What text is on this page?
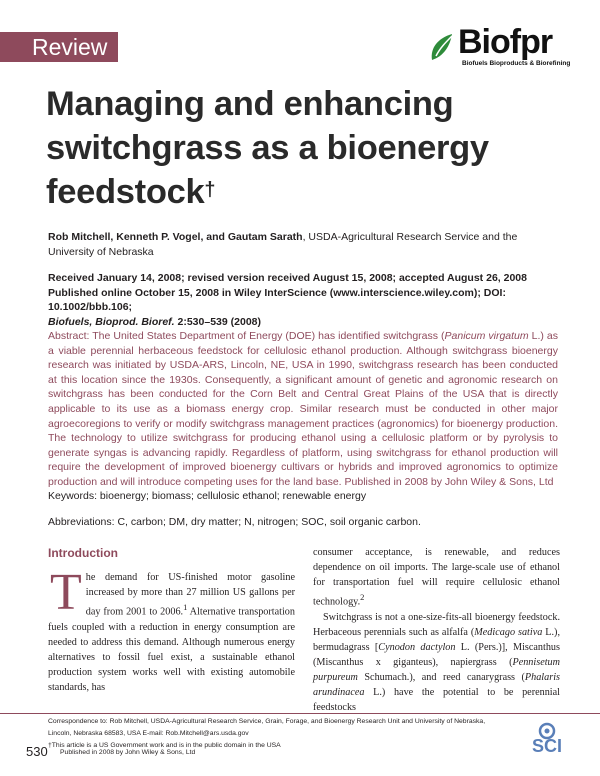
Review	Biofpr
Biofuels Bioproducts & Biorefining
Managing and enhancing switchgrass as a bioenergy feedstock†
Rob Mitchell, Kenneth P. Vogel, and Gautam Sarath, USDA-Agricultural Research Service and the University of Nebraska
Received January 14, 2008; revised version received August 15, 2008; accepted August 26, 2008
Published online October 15, 2008 in Wiley InterScience (www.interscience.wiley.com); DOI: 10.1002/bbb.106;
Biofuels, Bioprod. Bioref. 2:530–539 (2008)
Abstract: The United States Department of Energy (DOE) has identified switchgrass (Panicum virgatum L.) as a viable perennial herbaceous feedstock for cellulosic ethanol production. Although switchgrass bioenergy research was initiated by USDA-ARS, Lincoln, NE, USA in 1990, switchgrass research has been conducted at this location since the 1930s. Consequently, a significant amount of genetic and agronomic research on switchgrass has been conducted for the Corn Belt and Central Great Plains of the USA that is directly applicable to its use as a biomass energy crop. Similar research must be conducted in other major agroecoregions to verify or modify switchgrass management practices (agronomics) for bioenergy production. The technology to utilize switchgrass for producing ethanol using a cellulosic platform or by pyrolysis to generate syngas is advancing rapidly. Regardless of platform, using switchgrass for ethanol production will require the development of improved bioenergy cultivars or hybrids and improved agronomics to optimize production and will introduce competing uses for the land base. Published in 2008 by John Wiley & Sons, Ltd
Keywords: bioenergy; biomass; cellulosic ethanol; renewable energy
Abbreviations: C, carbon; DM, dry matter; N, nitrogen; SOC, soil organic carbon.
Introduction

The demand for US-finished motor gasoline increased by more than 27 million US gallons per day from 2001 to 2006.$^1$ Alternative transportation fuels coupled with a reduction in energy consumption are needed to address this demand. Although numerous energy alternatives to fossil fuel exist, a sustainable ethanol production system works well with existing automobile standards, has

consumer acceptance, is renewable, and reduces dependence on oil imports. The large-scale use of ethanol for transportation fuel will require cellulosic ethanol technology.$^2$

Switchgrass is not a one-size-fits-all bioenergy feedstock. Herbaceous perennials such as alfalfa (Medicago sativa L.), bermudagrass [Cynodon dactylon L. (Pers.)], Miscanthus (Miscanthus x giganteus), napiergrass (Pennisetum purpureum Schumach.), and reed canarygrass (Phalaris arundinacea L.) have the potential to be perennial feedstocks

Correspondence to: Rob Mitchell, USDA-Agricultural Research Service, Grain, Forage, and Bioenergy Research Unit and University of Nebraska,
Lincoln, Nebraska 68583, USA E-mail: Rob.Mitchell@ars.usda.gov
†This article is a US Government work and is in the public domain in the USA	SCI
530 Published in 2008 by John Wiley & Sons, Ltd
